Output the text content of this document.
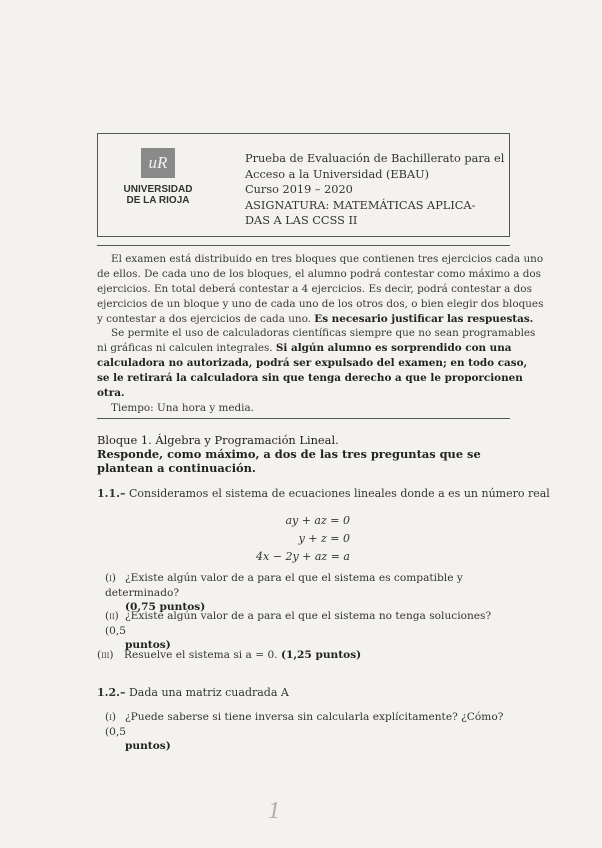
uR
UNIVERSIDAD
DE LA RIOJA
Prueba de Evaluación de Bachillerato para el
Acceso a la Universidad (EBAU)
Curso 2019 – 2020
ASIGNATURA: MATEMÁTICAS APLICA-
DAS A LAS CCSS II
El examen está distribuido en tres bloques que contienen tres ejercicios cada uno
de ellos. De cada uno de los bloques, el alumno podrá contestar como máximo a dos
ejercicios. En total deberá contestar a 4 ejercicios. Es decir, podrá contestar a dos
ejercicios de un bloque y uno de cada uno de los otros dos, o bien elegir dos bloques
y contestar a dos ejercicios de cada uno. Es necesario justificar las respuestas.
Se permite el uso de calculadoras científicas siempre que no sean programables
ni gráficas ni calculen integrales. Si algún alumno es sorprendido con una
calculadora no autorizada, podrá ser expulsado del examen; en todo caso,
se le retirará la calculadora sin que tenga derecho a que le proporcionen
otra.
Tiempo: Una hora y media.
Bloque 1. Álgebra y Programación Lineal.
Responde, como máximo, a dos de las tres preguntas que se plantean a continuación.
1.1.– Consideramos el sistema de ecuaciones lineales donde a es un número real
ay + az = 0
y + z = 0
4x − 2y + az = a
(i) ¿Existe algún valor de a para el que el sistema es compatible y determinado?
(0,75 puntos)
(ii) ¿Existe algún valor de a para el que el sistema no tenga soluciones? (0,5
puntos)
(iii) Resuelve el sistema si a = 0. (1,25 puntos)
1.2.– Dada una matriz cuadrada A
(i) ¿Puede saberse si tiene inversa sin calcularla explícitamente? ¿Cómo? (0,5
puntos)
1
